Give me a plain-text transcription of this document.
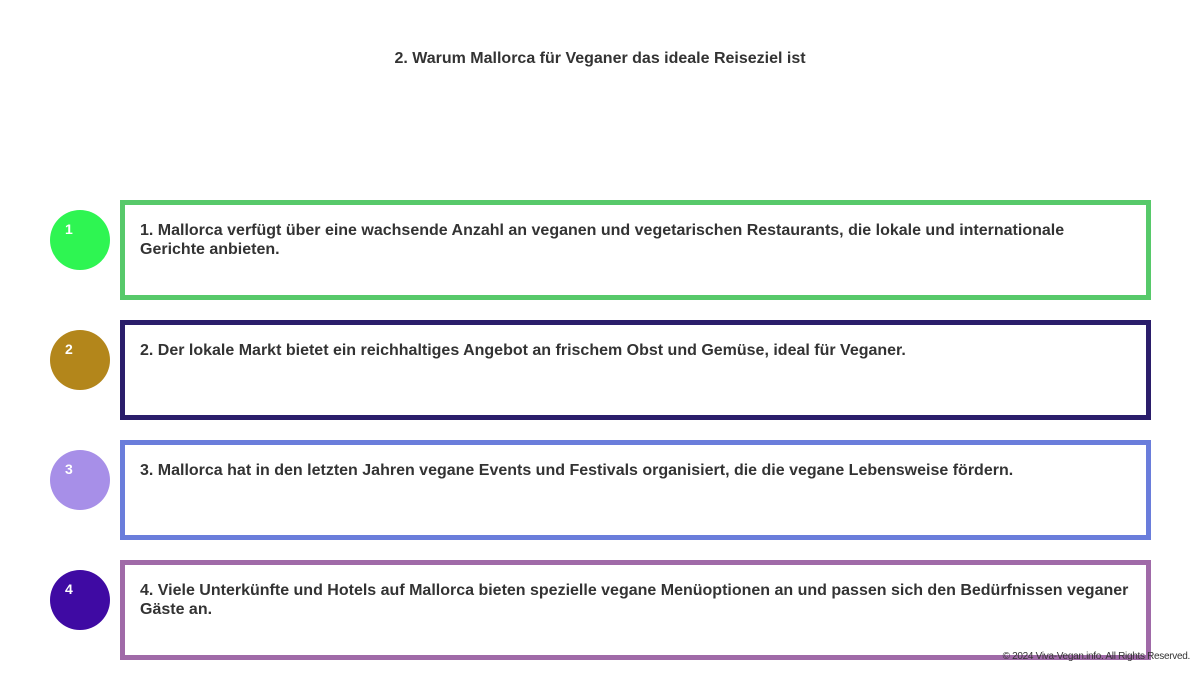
2. Warum Mallorca für Veganer das ideale Reiseziel ist
1	1. Mallorca verfügt über eine wachsende Anzahl an veganen und vegetarischen Restaurants, die lokale und internationale Gerichte anbieten.
2	2. Der lokale Markt bietet ein reichhaltiges Angebot an frischem Obst und Gemüse, ideal für Veganer.
3	3. Mallorca hat in den letzten Jahren vegane Events und Festivals organisiert, die die vegane Lebensweise fördern.
4	4. Viele Unterkünfte und Hotels auf Mallorca bieten spezielle vegane Menüoptionen an und passen sich den Bedürfnissen veganer Gäste an.
© 2024 Viva-Vegan.info. All Rights Reserved.
